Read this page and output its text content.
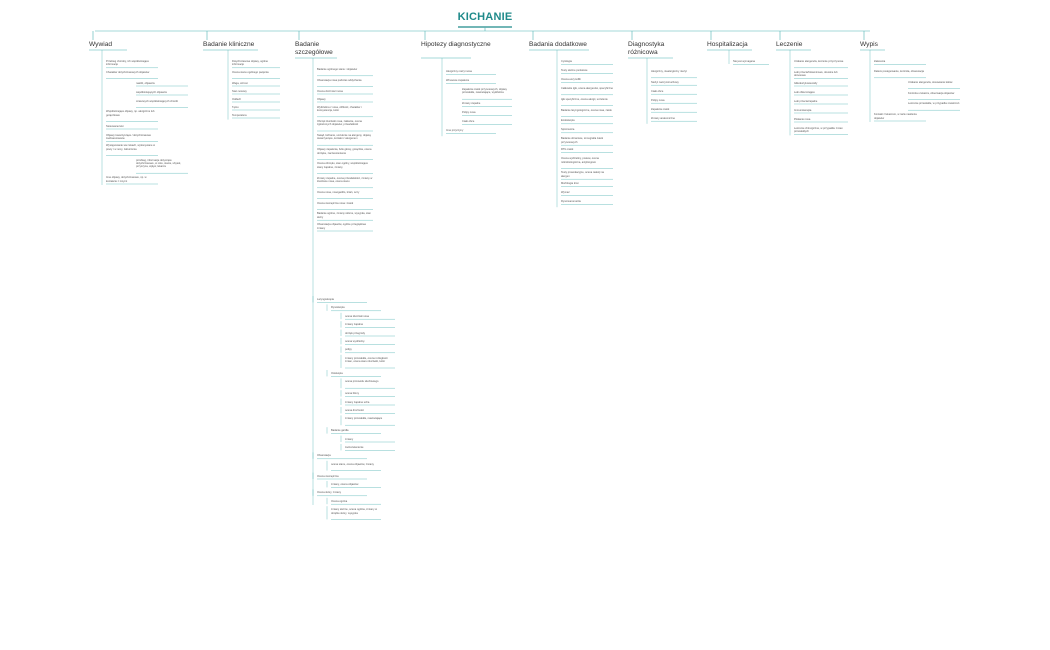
KICHANIE
Wywiad	Badanie kliniczne	Badanie szczegółowe
Hipotezy diagnostyczne	Badania dodatkowe	Diagnostyka różnicowa
Hospitalizacja	Leczenie	Wypis
Przebieg choroby, ich współistniejące informacje
Charakter dotychczasowych objawów
nasilić, objawów
współistniejących objawów
czasowych współistniejących chorób
Współistniejące objawy, np. alergiczne lub gorączkowe
Stosowane leki
Objawy towarzyszące / dotychczasowe zaobserwowane
Występowanie ww. lekach, wykonywane w pracy / w nocy, zaburzenia
przebieg, informacje dotyczące dotychczasowe, w roku, stanie, ubytek, przyczyna, wpływ, lekarza
Inne objawy, dotychczasowe, np. w kontakcie z innymi
Dotychczasowe objawy, ogólne informacje
Ocena stanu ogólnego pacjenta
Waga, wzrost
Stan nosowy
Oddech
Tętno
Temperatura
Badanie ogólnego stanu i objawów
Obserwacja nosa podczas oddychania
Ocena drożności nosa
Objawy
Wydzielina z nosa, obfitość, charakter i konsystencja, kolor
Obrzęk śluzówki nosa, zatkanie, ocena zgłoszonych objawów, przewlekłość
Świąd, kichanie, uczulenie na alergeny, objawy towarzyszące, kontakt z alergenem
Objawy zapalenia, bóle głowy, gorączka, ocena obrzęku, zaczerwienienie
Ocena obrzęku, stan ogólny, współistniejące stany zapalne, zmiany
Zmiany zapalne, ocena przewlekłości, zmiany w śluzówce nosa, ocena stanu
Ocena nosa, nosogardło, krtań, oczy
Ocena zewnętrzna nosa i zatok
Badanie ogólne, zmiany skórne, wysypka, stan skóry
Obserwacja objawów, ogólne przeglądowe zmiany
Laryngoskopia
Rynoskopia
ocena śluzówki nosa
zmiany zapalne
obrzęk przegrody
ocena wydzieliny
polipy
zmiany przewlekłe, ocena rozległości zmian, ocena stanu śluzówki, kolor
Otoskopia
ocena przewodu słuchowego
ocena błony
zmiany zapalne ucha
ocena drożności
zmiany przewlekłe, nawracające
Badanie gardła
zmiany
zaczerwienienie
Obserwacja
ocena stanu, ocena objawów, zmiany
Ocena zewnętrzna
zmiany, ocena objawów
Ocena skóry, zmiany
Ocena ogólna
zmiany skórne, ocena ogólna, zmiany w obrębie skóry, wysypka
Alergiczny nieżyt nosa
Wirusowe zapalenie
Zapalenie zatok przynosowych, objawy przewlekłe, nawracające, wydzielina
Zmiany zapalne
Polipy nosa
Ciało obce
Inne przyczyny
Cytologia
Testy skórne punktowe
Ocena eozynofilii
Całkowite IgE, ocena alergenów, specyficzne
IgE specyficzne, ocena alergii, uczulenie
Badanie laryngologiczne, ocena nosa, zatok
Endoskopia
Spirometria
Badanie obrazowe, tomografia zatok przynosowych
RTG zatok
Ocena wydzieliny, posiew, ocena mikrobiologiczna, antybiogram
Testy prowokacyjne, ocena reakcji na alergen
Morfologia krwi
Wymaz
Rynomanometria
Alergiczny, niealergiczny nieżyt
Nieżyt naczynioruchowy
Ciało obce
Polipy nosa
Zapalenie zatok
Zmiany anatomiczne
Nie jest wymagana	Unikanie alergenów, leczenie przyczynowe
Leki przeciwhistaminowe, doustne lub donosowe
Glikokortykosteroidy
Leki obkurczające
Leki przeciwzapalne
Immunoterapia
Płukanie nosa
Leczenie chirurgiczne, w przypadku zmian przewlekłych
Zalecenia
Dalsze postępowanie, kontrola, obserwacja
Unikanie alergenów, stosowanie leków
Kontrola u lekarza, obserwacja objawów
Leczenie przewlekłe, w przypadku zaostrzeń
Kontakt z lekarzem, w razie nasilenia objawów
